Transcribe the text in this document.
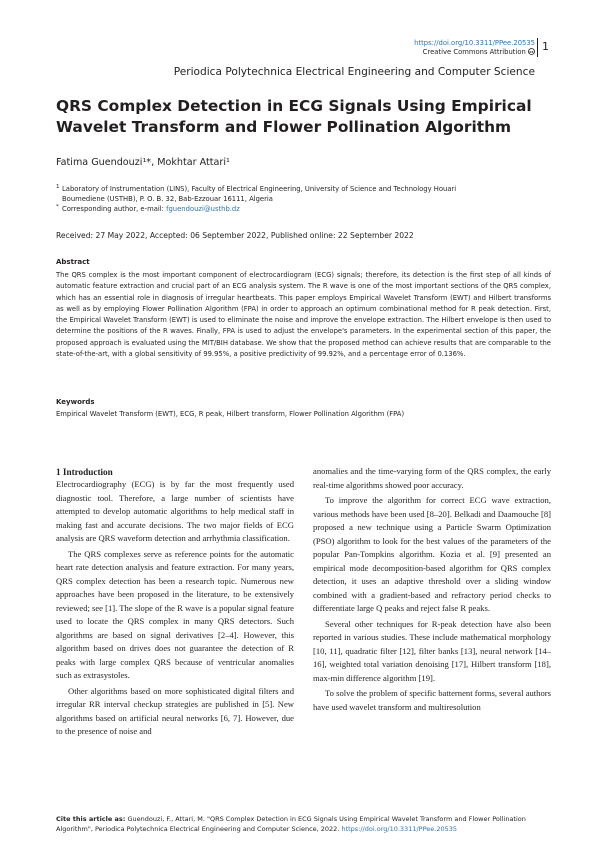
https://doi.org/10.3311/PPee.20535
Creative Commons Attribution cc 1
Periodica Polytechnica Electrical Engineering and Computer Science
QRS Complex Detection in ECG Signals Using Empirical
Wavelet Transform and Flower Pollination Algorithm
Fatima Guendouzi¹*, Mokhtar Attari¹
1 Laboratory of Instrumentation (LINS), Faculty of Electrical Engineering, University of Science and Technology Houari
Boumediene (USTHB), P. O. B. 32, Bab-Ezzouar 16111, Algeria
* Corresponding author, e-mail: fguendouzi@usthb.dz
Received: 27 May 2022, Accepted: 06 September 2022, Published online: 22 September 2022
Abstract

The QRS complex is the most important component of electrocardiogram (ECG) signals; therefore, its detection is the first step of all kinds of automatic feature extraction and crucial part of an ECG analysis system. The R wave is one of the most important sections of the QRS complex, which has an essential role in diagnosis of irregular heartbeats. This paper employs Empirical Wavelet Transform (EWT) and Hilbert transforms as well as by employing Flower Pollination Algorithm (FPA) in order to approach an optimum combinational method for R peak detection. First, the Empirical Wavelet Transform (EWT) is used to eliminate the noise and improve the envelope extraction. The Hilbert envelope is then used to determine the positions of the R waves. Finally, FPA is used to adjust the envelope's parameters. In the experimental section of this paper, the proposed approach is evaluated using the MIT/BIH database. We show that the proposed method can achieve results that are comparable to the state-of-the-art, with a global sensitivity of 99.95%, a positive predictivity of 99.92%, and a percentage error of 0.136%.

Keywords
Empirical Wavelet Transform (EWT), ECG, R peak, Hilbert transform, Flower Pollination Algorithm (FPA)
1 Introduction

Electrocardiography (ECG) is by far the most frequently used diagnostic tool. Therefore, a large number of scientists have attempted to develop automatic algorithms to help medical staff in making fast and accurate decisions. The two major fields of ECG analysis are QRS waveform detection and arrhythmia classification.

The QRS complexes serve as reference points for the automatic heart rate detection analysis and feature extraction. For many years, QRS complex detection has been a research topic. Numerous new approaches have been proposed in the literature, to be extensively reviewed; see [1]. The slope of the R wave is a popular signal feature used to locate the QRS complex in many QRS detectors. Such algorithms are based on signal derivatives [2–4]. However, this algorithm based on drives does not guarantee the detection of R peaks with large complex QRS because of ventricular anomalies such as extrasystoles.

Other algorithms based on more sophisticated digital filters and irregular RR interval checkup strategies are published in [5]. New algorithms based on artificial neural networks [6, 7]. However, due to the presence of noise and

anomalies and the time-varying form of the QRS complex, the early real-time algorithms showed poor accuracy.

To improve the algorithm for correct ECG wave extraction, various methods have been used [8–20]. Belkadi and Daamouche [8] proposed a new technique using a Particle Swarm Optimization (PSO) algorithm to look for the best values of the parameters of the popular Pan-Tompkins algorithm. Kozia et al. [9] presented an empirical mode decomposition-based algorithm for QRS complex detection, it uses an adaptive threshold over a sliding window combined with a gradient-based and refractory period checks to differentiate large Q peaks and reject false R peaks.

Several other techniques for R-peak detection have also been reported in various studies. These include mathematical morphology [10, 11], quadratic filter [12], filter banks [13], neural network [14–16], weighted total variation denoising [17], Hilbert transform [18], max-min difference algorithm [19].

To solve the problem of specific batternent forms, several authors have used wavelet transform and multiresolution

Cite this article as: Guendouzi, F., Attari, M. "QRS Complex Detection in ECG Signals Using Empirical Wavelet Transform and Flower Pollination Algorithm", Periodica Polytechnica Electrical Engineering and Computer Science, 2022. https://doi.org/10.3311/PPee.20535
